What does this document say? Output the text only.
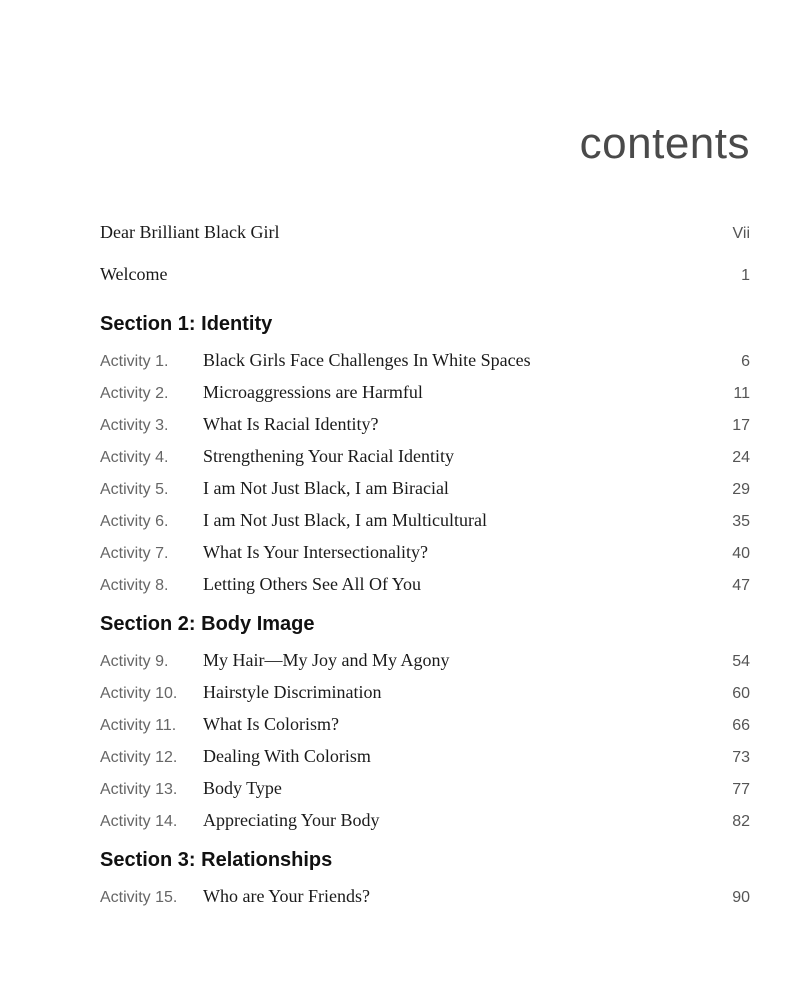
contents
Dear Brilliant Black Girl	Vii
Welcome	1
Section 1: Identity
Activity 1.	Black Girls Face Challenges In White Spaces	6
Activity 2.	Microaggressions are Harmful	11
Activity 3.	What Is Racial Identity?	17
Activity 4.	Strengthening Your Racial Identity	24
Activity 5.	I am Not Just Black, I am Biracial	29
Activity 6.	I am Not Just Black, I am Multicultural	35
Activity 7.	What Is Your Intersectionality?	40
Activity 8.	Letting Others See All Of You	47
Section 2: Body Image
Activity 9.	My Hair—My Joy and My Agony	54
Activity 10.	Hairstyle Discrimination	60
Activity 11.	What Is Colorism?	66
Activity 12.	Dealing With Colorism	73
Activity 13.	Body Type	77
Activity 14.	Appreciating Your Body	82
Section 3: Relationships
Activity 15.	Who are Your Friends?	90
